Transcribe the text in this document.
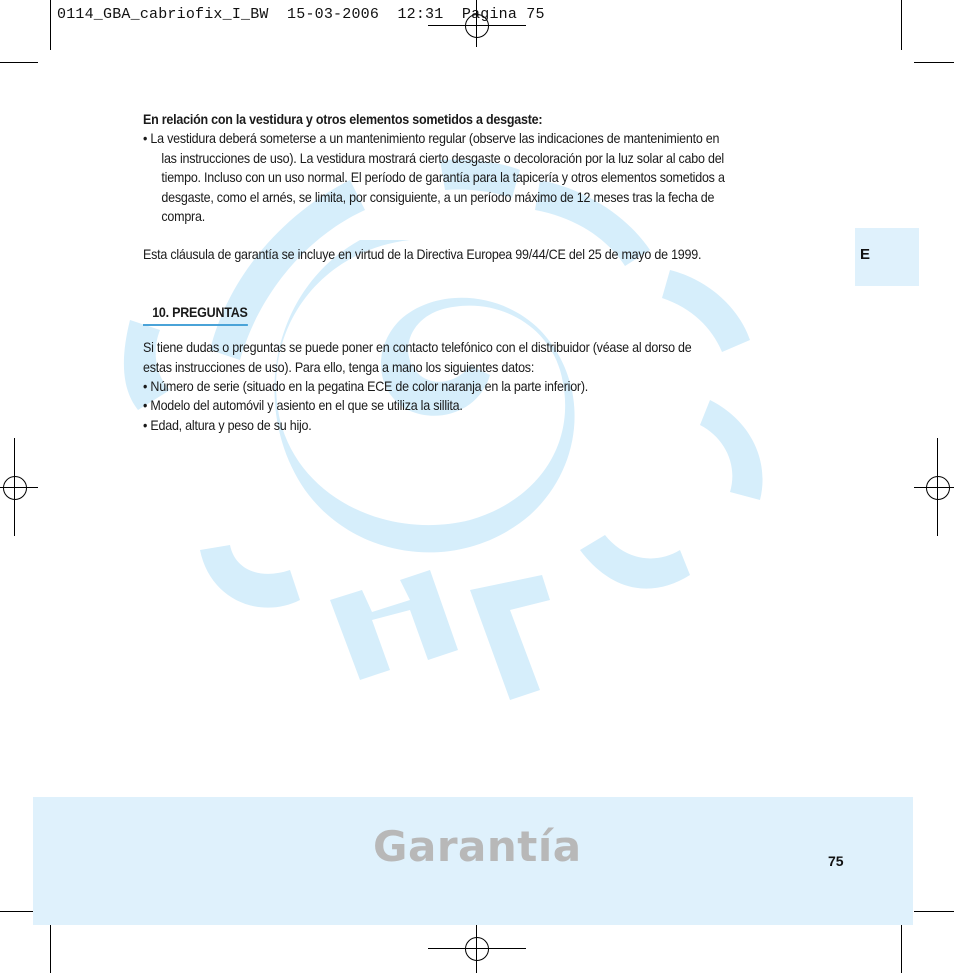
0114_GBA_cabriofix_I_BW  15-03-2006  12:31  Pagina 75

En relación con la vestidura y otros elementos sometidos a desgaste:

• La vestidura deberá someterse a un mantenimiento regular (observe las indicaciones de mantenimiento en

las instrucciones de uso). La vestidura mostrará cierto desgaste o decoloración por la luz solar al cabo del

tiempo. Incluso con un uso normal. El período de garantía para la tapicería y otros elementos sometidos a

desgaste, como el arnés, se limita, por consiguiente, a un período máximo de 12 meses tras la fecha de

compra.

Esta cláusula de garantía se incluye en virtud de la Directiva Europea 99/44/CE del 25 de mayo de 1999.

10. PREGUNTAS

Si tiene dudas o preguntas se puede poner en contacto telefónico con el distribuidor (véase al dorso de

estas instrucciones de uso). Para ello, tenga a mano los siguientes datos:

• Número de serie (situado en la pegatina ECE de color naranja en la parte inferior).

• Modelo del automóvil y asiento en el que se utiliza la sillita.

• Edad, altura y peso de su hijo.

E
Garantía	75
